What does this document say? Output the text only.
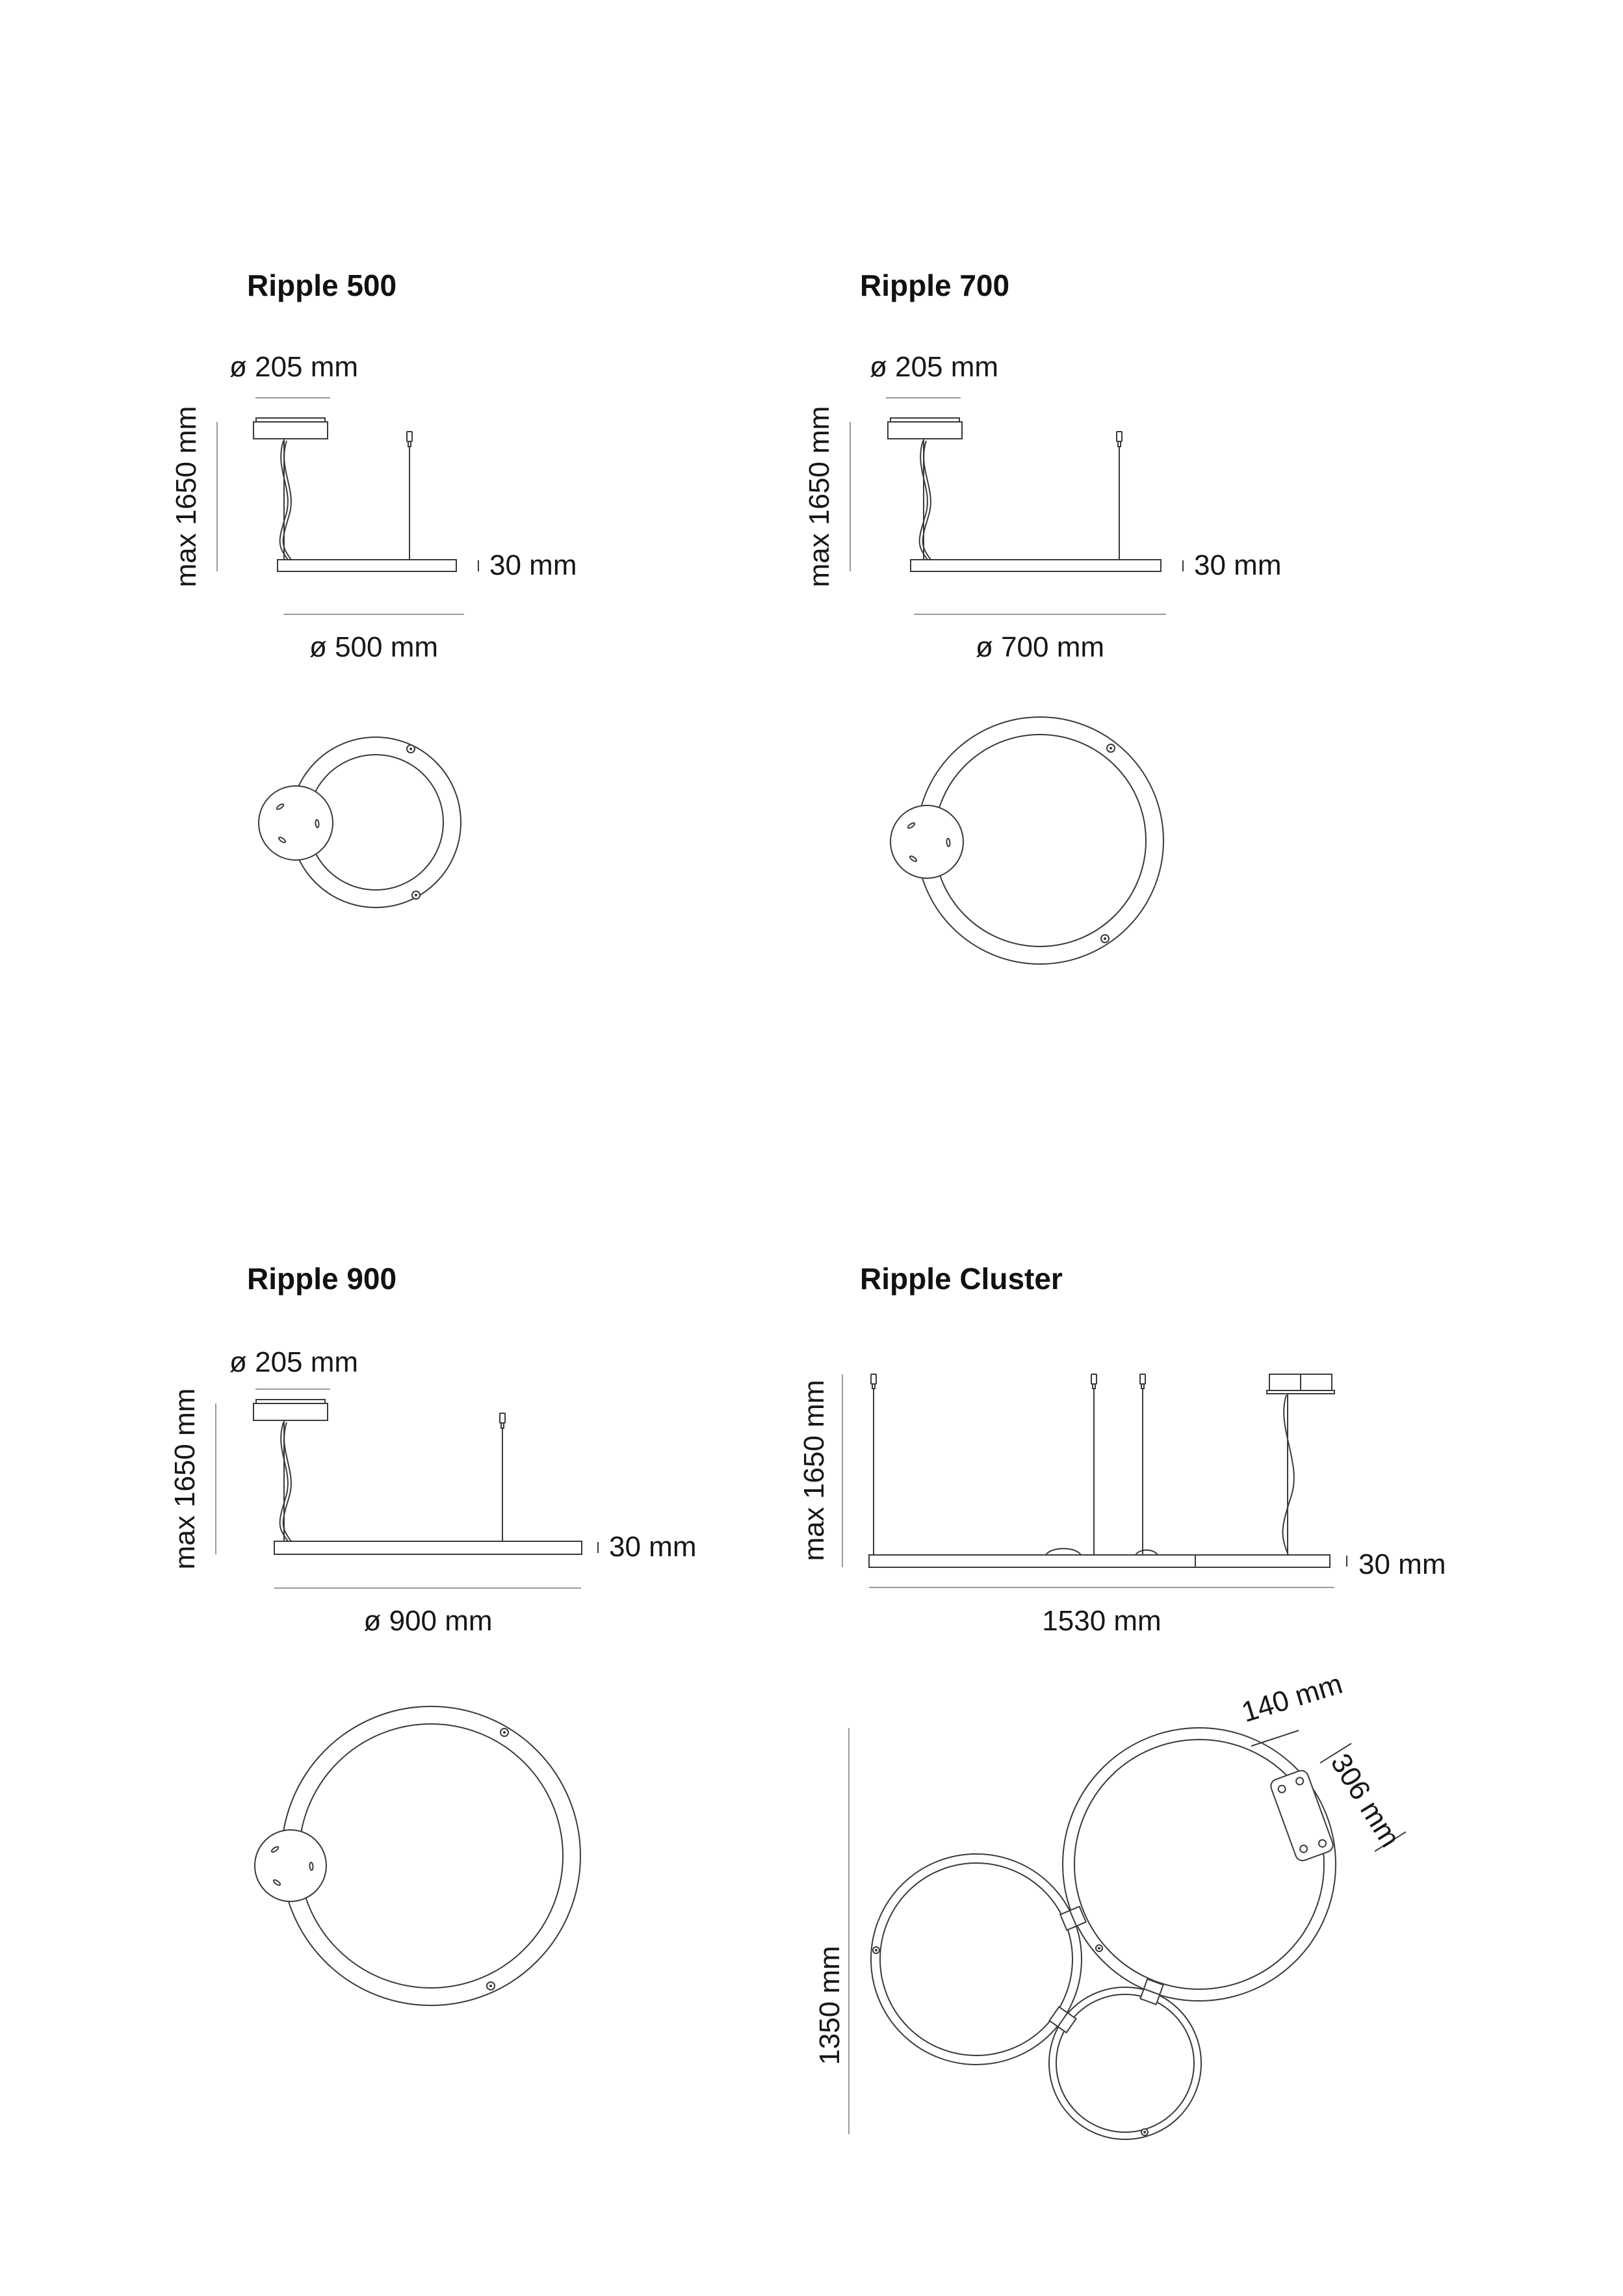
Ripple 500
ø 205 mm
max 1650 mm	30 mm
ø 500 mm
Ripple 700
ø 205 mm
max 1650 mm	30 mm
ø 700 mm
Ripple 900
ø 205 mm
max 1650 mm	30 mm
ø 900 mm
Ripple Cluster
max 1650 mm
30 mm
1530 mm
1350 mm
140 mm
306 mm
